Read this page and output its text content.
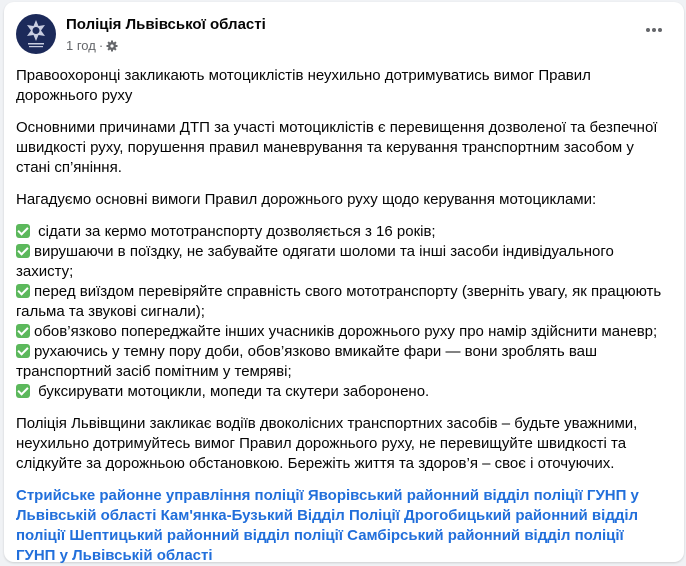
Поліція Львівської області
1 год ·

Правоохоронці закликають мотоциклістів неухильно дотримуватись вимог Правил дорожнього руху

Основними причинами ДТП за участі мотоциклістів є перевищення дозволеної та безпечної швидкості руху, порушення правил маневрування та керування транспортним засобом у стані сп’яніння.

Нагадуємо основні вимоги Правил дорожнього руху щодо керування мотоциклами:

сідати за кермо мототранспорту дозволяється з 16 років;
вирушаючи в поїздку, не забувайте одягати шоломи та інші засоби індивідуального захисту;
перед виїздом перевіряйте справність свого мототранспорту (зверніть увагу, як працюють гальма та звукові сигнали);
обов’язково попереджайте інших учасників дорожнього руху про намір здійснити маневр;
рухаючись у темну пору доби, обов’язково вмикайте фари — вони зроблять ваш транспортний засіб помітним у темряві;
буксирувати мотоцикли, мопеди та скутери заборонено.

Поліція Львівщини закликає водіїв двоколісних транспортних засобів – будьте уважними, неухильно дотримуйтесь вимог Правил дорожнього руху, не перевищуйте швидкості та слідкуйте за дорожньою обстановкою. Бережіть життя та здоров’я – своє і оточуючих.

Стрийське районне управління поліції Яворівський районний відділ поліції ГУНП у Львівській області Кам'янка-Бузький Відділ Поліції Дрогобицький районний відділ поліції Шептицький районний відділ поліції Самбірський районний відділ поліції ГУНП у Львівській області
